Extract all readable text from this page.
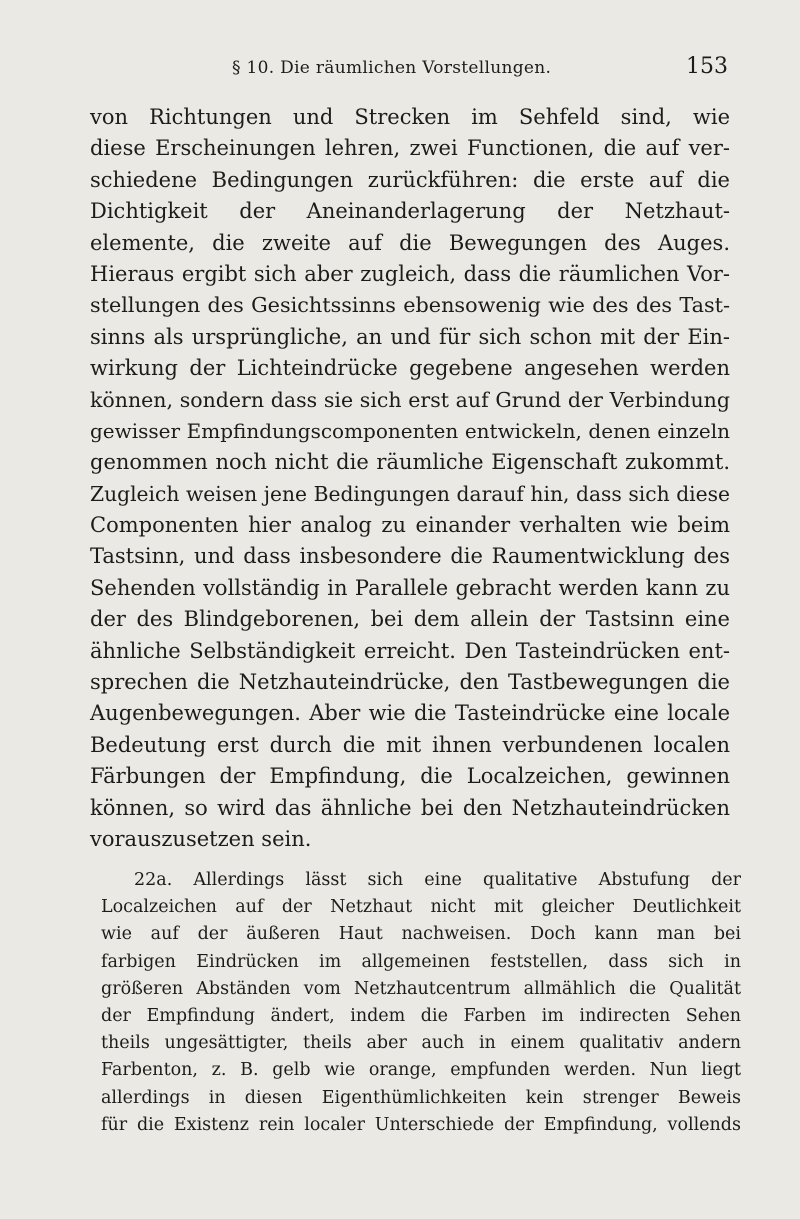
§ 10. Die räumlichen Vorstellungen.	153
von Richtungen und Strecken im Sehfeld sind, wie
diese Erscheinungen lehren, zwei Functionen, die auf ver-
schiedene Bedingungen zurückführen: die erste auf die
Dichtigkeit der Aneinanderlagerung der Netzhaut-
elemente, die zweite auf die Bewegungen des Auges.
Hieraus ergibt sich aber zugleich, dass die räumlichen Vor-
stellungen des Gesichtssinns ebensowenig wie des des Tast-
sinns als ursprüngliche, an und für sich schon mit der Ein-
wirkung der Lichteindrücke gegebene angesehen werden
können, sondern dass sie sich erst auf Grund der Verbindung
gewisser Empfindungscomponenten entwickeln, denen einzeln
genommen noch nicht die räumliche Eigenschaft zukommt.
Zugleich weisen jene Bedingungen darauf hin, dass sich diese
Componenten hier analog zu einander verhalten wie beim
Tastsinn, und dass insbesondere die Raumentwicklung des
Sehenden vollständig in Parallele gebracht werden kann zu
der des Blindgeborenen, bei dem allein der Tastsinn eine
ähnliche Selbständigkeit erreicht. Den Tasteindrücken ent-
sprechen die Netzhauteindrücke, den Tastbewegungen die
Augenbewegungen. Aber wie die Tasteindrücke eine locale
Bedeutung erst durch die mit ihnen verbundenen localen
Färbungen der Empfindung, die Localzeichen, gewinnen
können, so wird das ähnliche bei den Netzhauteindrücken
vorauszusetzen sein.
22a. Allerdings lässt sich eine qualitative Abstufung der
Localzeichen auf der Netzhaut nicht mit gleicher Deutlichkeit
wie auf der äußeren Haut nachweisen. Doch kann man bei
farbigen Eindrücken im allgemeinen feststellen, dass sich in
größeren Abständen vom Netzhautcentrum allmählich die Qualität
der Empfindung ändert, indem die Farben im indirecten Sehen
theils ungesättigter, theils aber auch in einem qualitativ andern
Farbenton, z. B. gelb wie orange, empfunden werden. Nun liegt
allerdings in diesen Eigenthümlichkeiten kein strenger Beweis
für die Existenz rein localer Unterschiede der Empfindung, vollends
